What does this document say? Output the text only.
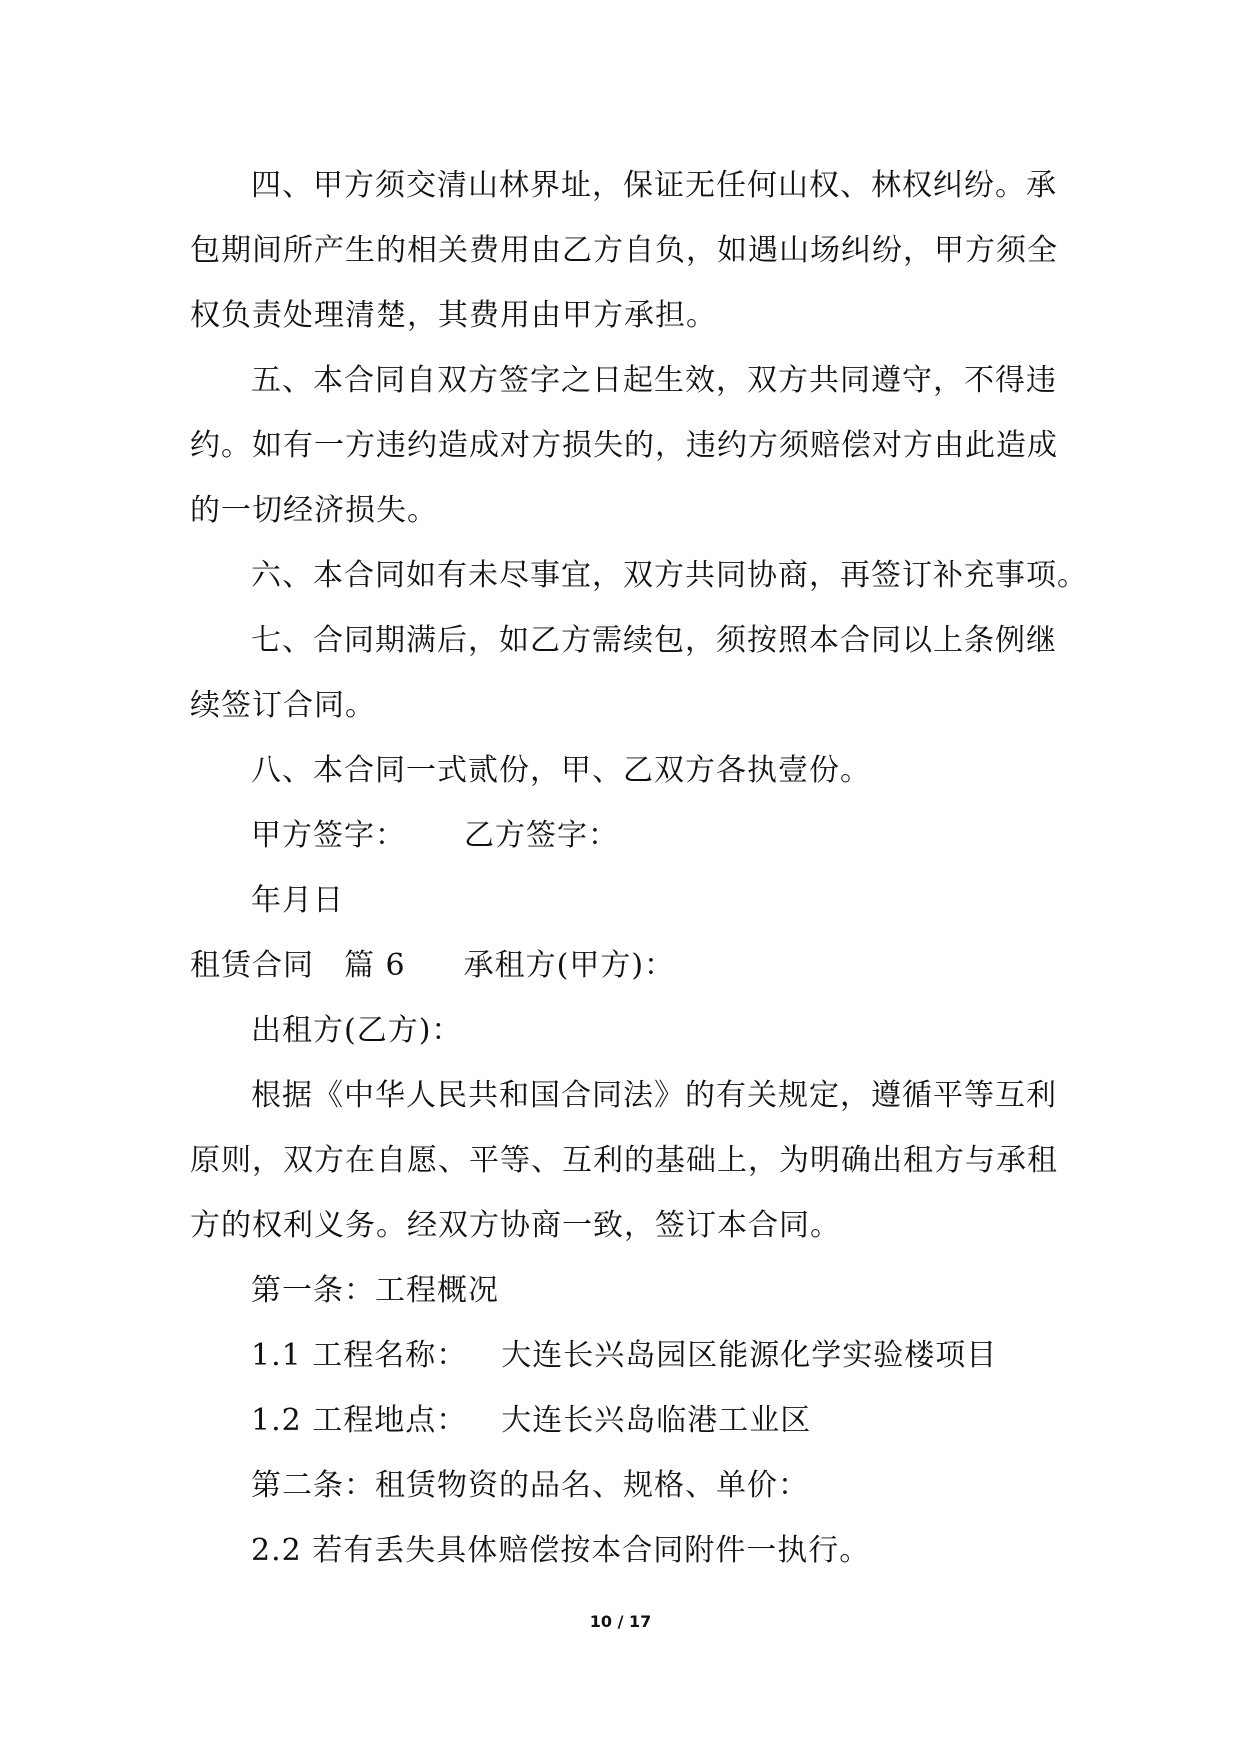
四、甲方须交清山林界址，保证无任何山权、林权纠纷。承
包期间所产生的相关费用由乙方自负，如遇山场纠纷，甲方须全
权负责处理清楚，其费用由甲方承担。
五、本合同自双方签字之日起生效，双方共同遵守，不得违
约。如有一方违约造成对方损失的，违约方须赔偿对方由此造成
的一切经济损失。
六、本合同如有未尽事宜，双方共同协商，再签订补充事项。
七、合同期满后，如乙方需续包，须按照本合同以上条例继
续签订合同。
八、本合同一式贰份，甲、乙双方各执壹份。
甲方签字： 乙方签字：
年月日
租赁合同 篇 6 承租方(甲方)：
出租方(乙方)：
根据《中华人民共和国合同法》的有关规定，遵循平等互利
原则，双方在自愿、平等、互利的基础上，为明确出租方与承租
方的权利义务。经双方协商一致，签订本合同。
第一条：工程概况
1.1 工程名称： 大连长兴岛园区能源化学实验楼项目
1.2 工程地点： 大连长兴岛临港工业区
第二条：租赁物资的品名、规格、单价：
2.2 若有丢失具体赔偿按本合同附件一执行。
10 / 17
